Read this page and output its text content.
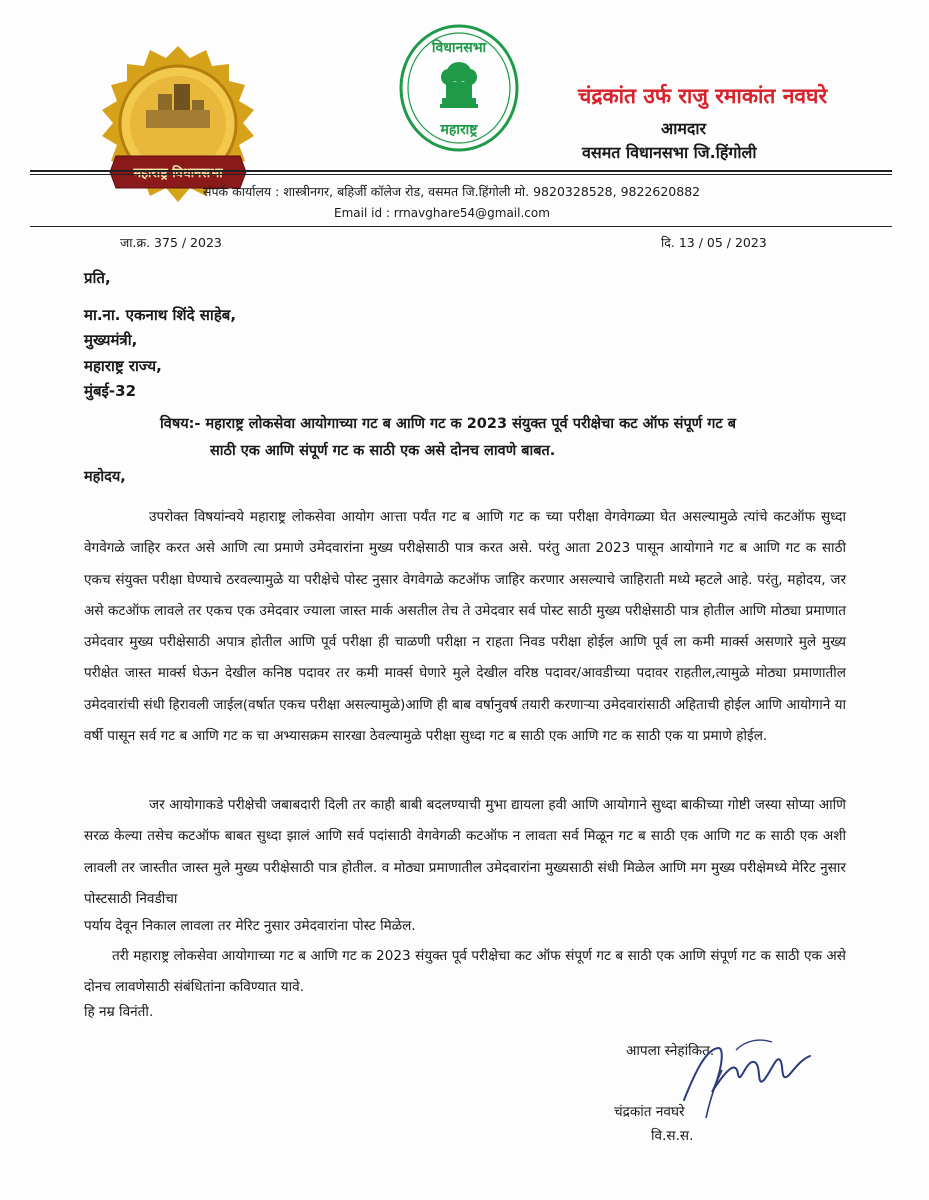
विधानसभा
महाराष्ट्र
चंद्रकांत उर्फ राजु रमाकांत नवघरे
आमदार
वसमत विधानसभा जि.हिंगोली
संपर्क कार्यालय : शास्त्रीनगर, बहिर्जी कॉलेज रोड, वसमत जि.हिंगोली मो. 9820328528, 9822620882
Email id : rrnavghare54@gmail.com
जा.क्र. 375 / 2023	दि. 13 / 05 / 2023
प्रति,
मा.ना. एकनाथ शिंदे साहेब,
मुख्यमंत्री,
महाराष्ट्र राज्य,
मुंबई-32
विषय:- महाराष्ट्र लोकसेवा आयोगाच्या गट ब आणि गट क 2023 संयुक्त पूर्व परीक्षेचा कट ऑफ संपूर्ण गट ब
साठी एक आणि संपूर्ण गट क साठी एक असे दोनच लावणे बाबत.
महोदय,
उपरोक्त विषयांन्वये महाराष्ट्र लोकसेवा आयोग आत्ता पर्यंत गट ब आणि गट क च्या परीक्षा वेगवेगळ्या घेत असल्यामुळे त्यांचे कटऑफ सुध्दा वेगवेगळे जाहिर करत असे आणि त्या प्रमाणे उमेदवारांना मुख्य परीक्षेसाठी पात्र करत असे. परंतु आता 2023 पासून आयोगाने गट ब आणि गट क साठी एकच संयुक्त परीक्षा घेण्याचे ठरवल्यामुळे या परीक्षेचे पोस्ट नुसार वेगवेगळे कटऑफ जाहिर करणार असल्याचे जाहिराती मध्ये म्हटले आहे. परंतु, महोदय, जर असे कटऑफ लावले तर एकच एक उमेदवार ज्याला जास्त मार्क असतील तेच ते उमेदवार सर्व पोस्ट साठी मुख्य परीक्षेसाठी पात्र होतील आणि मोठ्या प्रमाणात उमेदवार मुख्य परीक्षेसाठी अपात्र होतील आणि पूर्व परीक्षा ही चाळणी परीक्षा न राहता निवड परीक्षा होईल आणि पूर्व ला कमी मार्क्स असणारे मुले मुख्य परीक्षेत जास्त मार्क्स घेऊन देखील कनिष्ठ पदावर तर कमी मार्क्स घेणारे मुले देखील वरिष्ठ पदावर/आवडीच्या पदावर राहतील,त्यामुळे मोठ्या प्रमाणातील उमेदवारांची संधी हिरावली जाईल(वर्षात एकच परीक्षा असल्यामुळे)आणि ही बाब वर्षानुवर्ष तयारी करणाऱ्या उमेदवारांसाठी अहिताची होईल आणि आयोगाने या वर्षी पासून सर्व गट ब आणि गट क चा अभ्यासक्रम सारखा ठेवल्यामुळे परीक्षा सुध्दा गट ब साठी एक आणि गट क साठी एक या प्रमाणे होईल.
जर आयोगाकडे परीक्षेची जबाबदारी दिली तर काही बाबी बदलण्याची मुभा द्यायला हवी आणि आयोगाने सुध्दा बाकीच्या गोष्टी जस्या सोप्या आणि सरळ केल्या तसेच कटऑफ बाबत सुध्दा झालं आणि सर्व पदांसाठी वेगवेगळी कटऑफ न लावता सर्व मिळून गट ब साठी एक आणि गट क साठी एक अशी लावली तर जास्तीत जास्त मुले मुख्य परीक्षेसाठी पात्र होतील. व मोठ्या प्रमाणातील उमेदवारांना मुख्यसाठी संधी मिळेल आणि मग मुख्य परीक्षेमध्ये मेरिट नुसार पोस्टसाठी निवडीचा
पर्याय देवून निकाल लावला तर मेरिट नुसार उमेदवारांना पोस्ट मिळेल.
तरी महाराष्ट्र लोकसेवा आयोगाच्या गट ब आणि गट क 2023 संयुक्त पूर्व परीक्षेचा कट ऑफ संपूर्ण गट ब साठी एक आणि संपूर्ण गट क साठी एक असे दोनच लावणेसाठी संबंधितांना कविण्यात यावे.
हि नम्र विनंती.
आपला स्नेहांकित.
चंद्रकांत नवघरे
वि.स.स.
